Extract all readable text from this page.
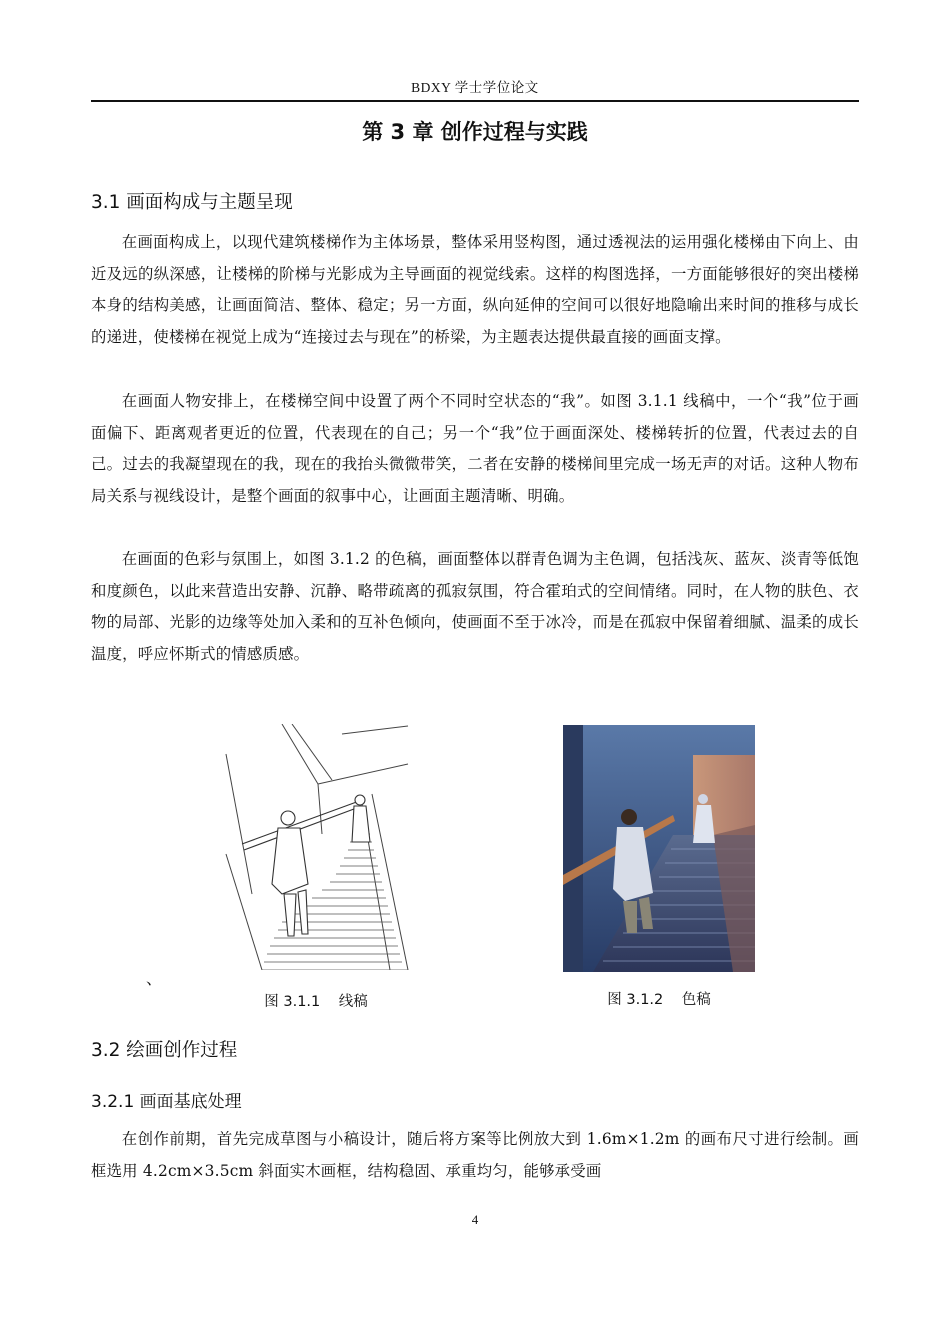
BDXY 学士学位论文
第 3 章 创作过程与实践
3.1 画面构成与主题呈现

在画面构成上，以现代建筑楼梯作为主体场景，整体采用竖构图，通过透视法的运用强化楼梯由下向上、由近及远的纵深感，让楼梯的阶梯与光影成为主导画面的视觉线索。这样的构图选择，一方面能够很好的突出楼梯本身的结构美感，让画面简洁、整体、稳定；另一方面，纵向延伸的空间可以很好地隐喻出来时间的推移与成长的递进，使楼梯在视觉上成为“连接过去与现在”的桥梁，为主题表达提供最直接的画面支撑。

在画面人物安排上，在楼梯空间中设置了两个不同时空状态的“我”。如图 3.1.1 线稿中，一个“我”位于画面偏下、距离观者更近的位置，代表现在的自己；另一个“我”位于画面深处、楼梯转折的位置，代表过去的自己。过去的我凝望现在的我，现在的我抬头微微带笑，二者在安静的楼梯间里完成一场无声的对话。这种人物布局关系与视线设计，是整个画面的叙事中心，让画面主题清晰、明确。

在画面的色彩与氛围上，如图 3.1.2 的色稿，画面整体以群青色调为主色调，包括浅灰、蓝灰、淡青等低饱和度颜色，以此来营造出安静、沉静、略带疏离的孤寂氛围，符合霍珀式的空间情绪。同时，在人物的肤色、衣物的局部、光影的边缘等处加入柔和的互补色倾向，使画面不至于冰冷，而是在孤寂中保留着细腻、温柔的成长温度，呼应怀斯式的情感质感。

、
图 3.1.1    线稿	图 3.1.2    色稿
3.2 绘画创作过程
3.2.1 画面基底处理

在创作前期，首先完成草图与小稿设计，随后将方案等比例放大到 1.6m×1.2m 的画布尺寸进行绘制。画框选用 4.2cm×3.5cm 斜面实木画框，结构稳固、承重均匀，能够承受画

4
